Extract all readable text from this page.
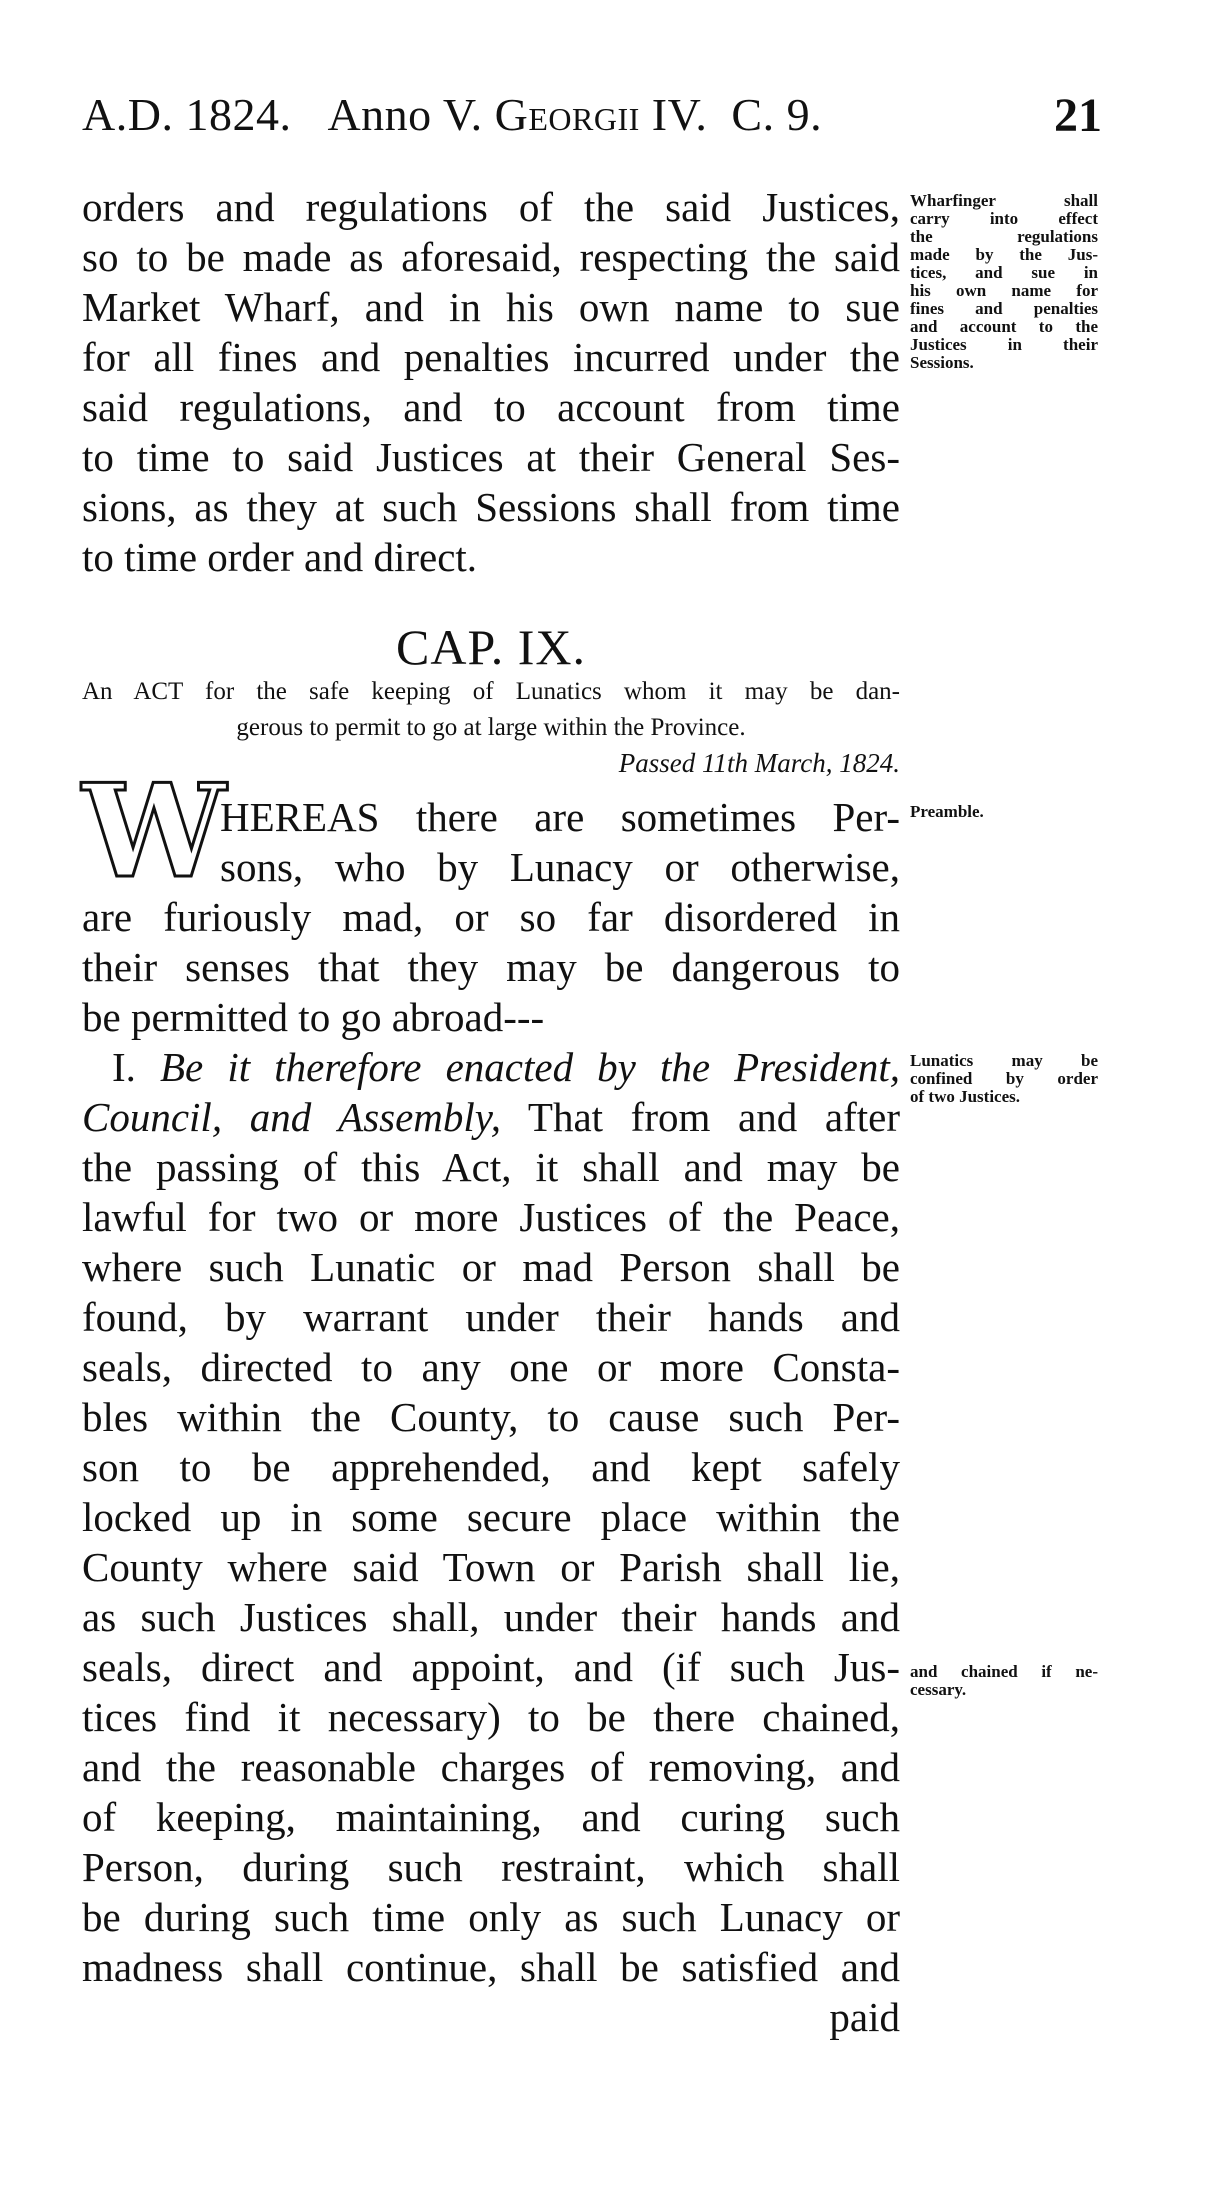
A.D. 1824. Anno V. Georgii IV. C. 9.	21
orders and regulations of the said Justices,
so to be made as aforesaid, respecting the said
Market Wharf, and in his own name to sue
for all fines and penalties incurred under the
said regulations, and to account from time
to time to said Justices at their General Ses-
sions, as they at such Sessions shall from time
to time order and direct.
Wharfinger shall
carry into effect
the regulations
made by the Jus-
tices, and sue in
his own name for
fines and penalties
and account to the
Justices in their
Sessions.
CAP. IX.
An ACT for the safe keeping of Lunatics whom it may be dan-
gerous to permit to go at large within the Province.
Passed 11th March, 1824.
W HEREAS there are sometimes Per-
sons, who by Lunacy or otherwise,
Preamble.
are furiously mad, or so far disordered in
their senses that they may be dangerous to
be permitted to go abroad---
I. Be it therefore enacted by the President,
Council, and Assembly, That from and after
the passing of this Act, it shall and may be
lawful for two or more Justices of the Peace,
where such Lunatic or mad Person shall be
found, by warrant under their hands and
seals, directed to any one or more Consta-
bles within the County, to cause such Per-
son to be apprehended, and kept safely
locked up in some secure place within the
County where said Town or Parish shall lie,
as such Justices shall, under their hands and
seals, direct and appoint, and (if such Jus-
tices find it necessary) to be there chained,
and the reasonable charges of removing, and
of keeping, maintaining, and curing such
Person, during such restraint, which shall
be during such time only as such Lunacy or
madness shall continue, shall be satisfied and
paid
Lunatics may be
confined by order
of two Justices.
and chained if ne-
cessary.
